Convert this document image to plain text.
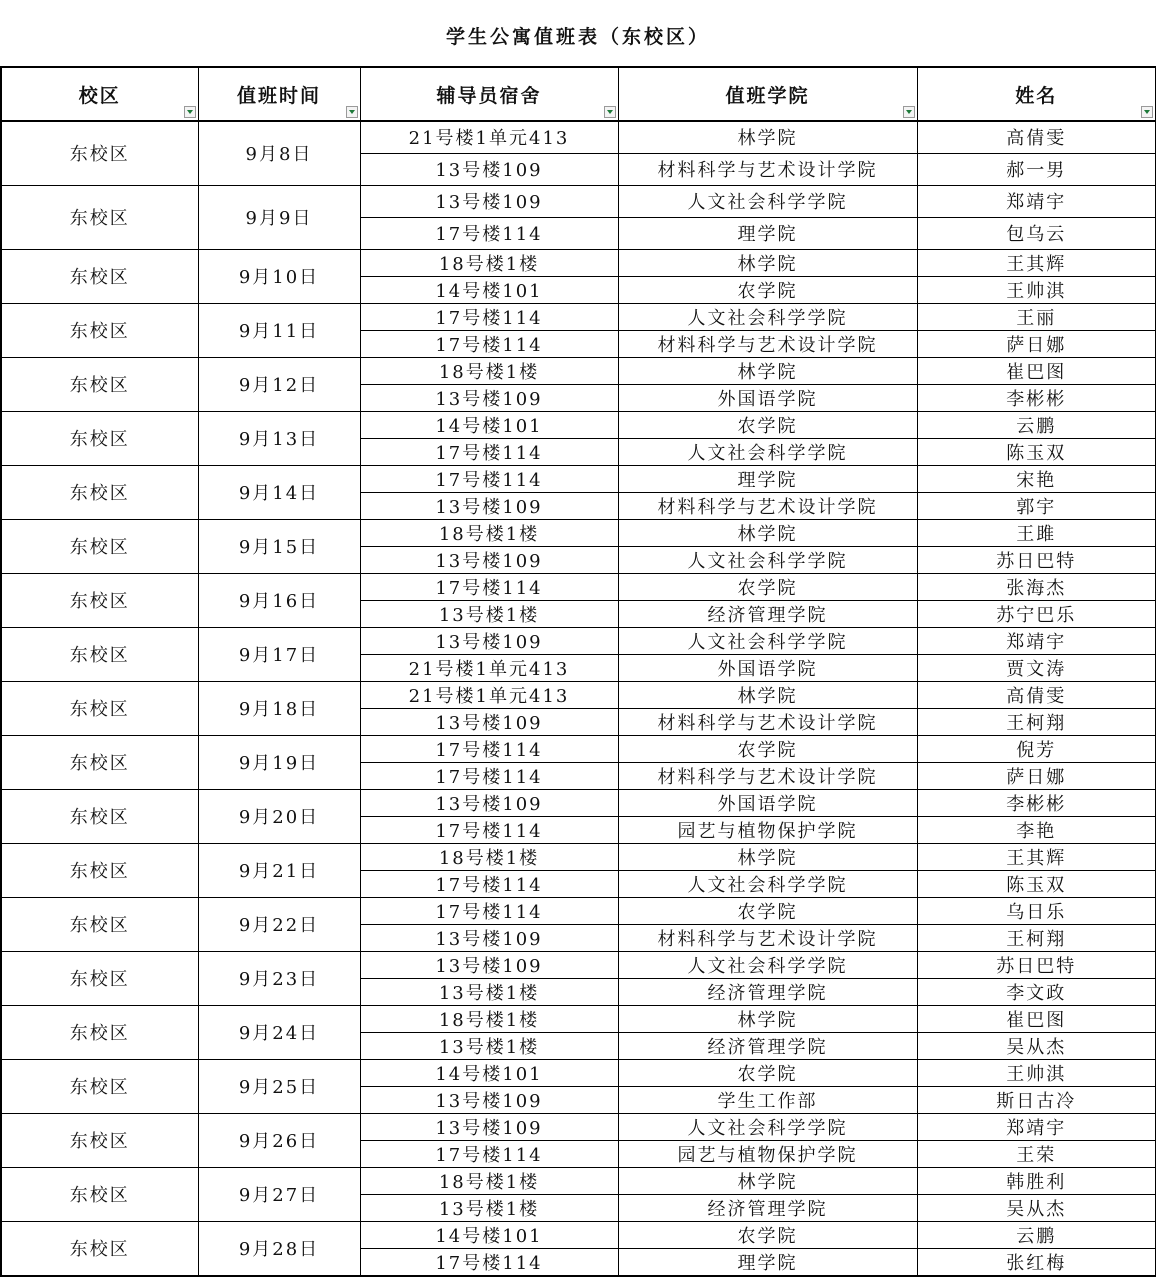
学生公寓值班表（东校区）
校区	值班时间	辅导员宿舍	值班学院	姓名

东校区	9月8日	21号楼1单元413	林学院	高倩雯
		13号楼109	材料科学与艺术设计学院	郝一男
东校区	9月9日	13号楼109	人文社会科学学院	郑靖宇
		17号楼114	理学院	包乌云
东校区	9月10日	18号楼1楼	林学院	王其辉
		14号楼101	农学院	王帅淇
东校区	9月11日	17号楼114	人文社会科学学院	王丽
		17号楼114	材料科学与艺术设计学院	萨日娜
东校区	9月12日	18号楼1楼	林学院	崔巴图
		13号楼109	外国语学院	李彬彬
东校区	9月13日	14号楼101	农学院	云鹏
		17号楼114	人文社会科学学院	陈玉双
东校区	9月14日	17号楼114	理学院	宋艳
		13号楼109	材料科学与艺术设计学院	郭宇
东校区	9月15日	18号楼1楼	林学院	王雎
		13号楼109	人文社会科学学院	苏日巴特
东校区	9月16日	17号楼114	农学院	张海杰
		13号楼1楼	经济管理学院	苏宁巴乐
东校区	9月17日	13号楼109	人文社会科学学院	郑靖宇
		21号楼1单元413	外国语学院	贾文涛
东校区	9月18日	21号楼1单元413	林学院	高倩雯
		13号楼109	材料科学与艺术设计学院	王柯翔
东校区	9月19日	17号楼114	农学院	倪芳
		17号楼114	材料科学与艺术设计学院	萨日娜
东校区	9月20日	13号楼109	外国语学院	李彬彬
		17号楼114	园艺与植物保护学院	李艳
东校区	9月21日	18号楼1楼	林学院	王其辉
		17号楼114	人文社会科学学院	陈玉双
东校区	9月22日	17号楼114	农学院	乌日乐
		13号楼109	材料科学与艺术设计学院	王柯翔
东校区	9月23日	13号楼109	人文社会科学学院	苏日巴特
		13号楼1楼	经济管理学院	李文政
东校区	9月24日	18号楼1楼	林学院	崔巴图
		13号楼1楼	经济管理学院	吴从杰
东校区	9月25日	14号楼101	农学院	王帅淇
		13号楼109	学生工作部	斯日古冷
东校区	9月26日	13号楼109	人文社会科学学院	郑靖宇
		17号楼114	园艺与植物保护学院	王荣
东校区	9月27日	18号楼1楼	林学院	韩胜利
		13号楼1楼	经济管理学院	吴从杰
东校区	9月28日	14号楼101	农学院	云鹏
		17号楼114	理学院	张红梅
